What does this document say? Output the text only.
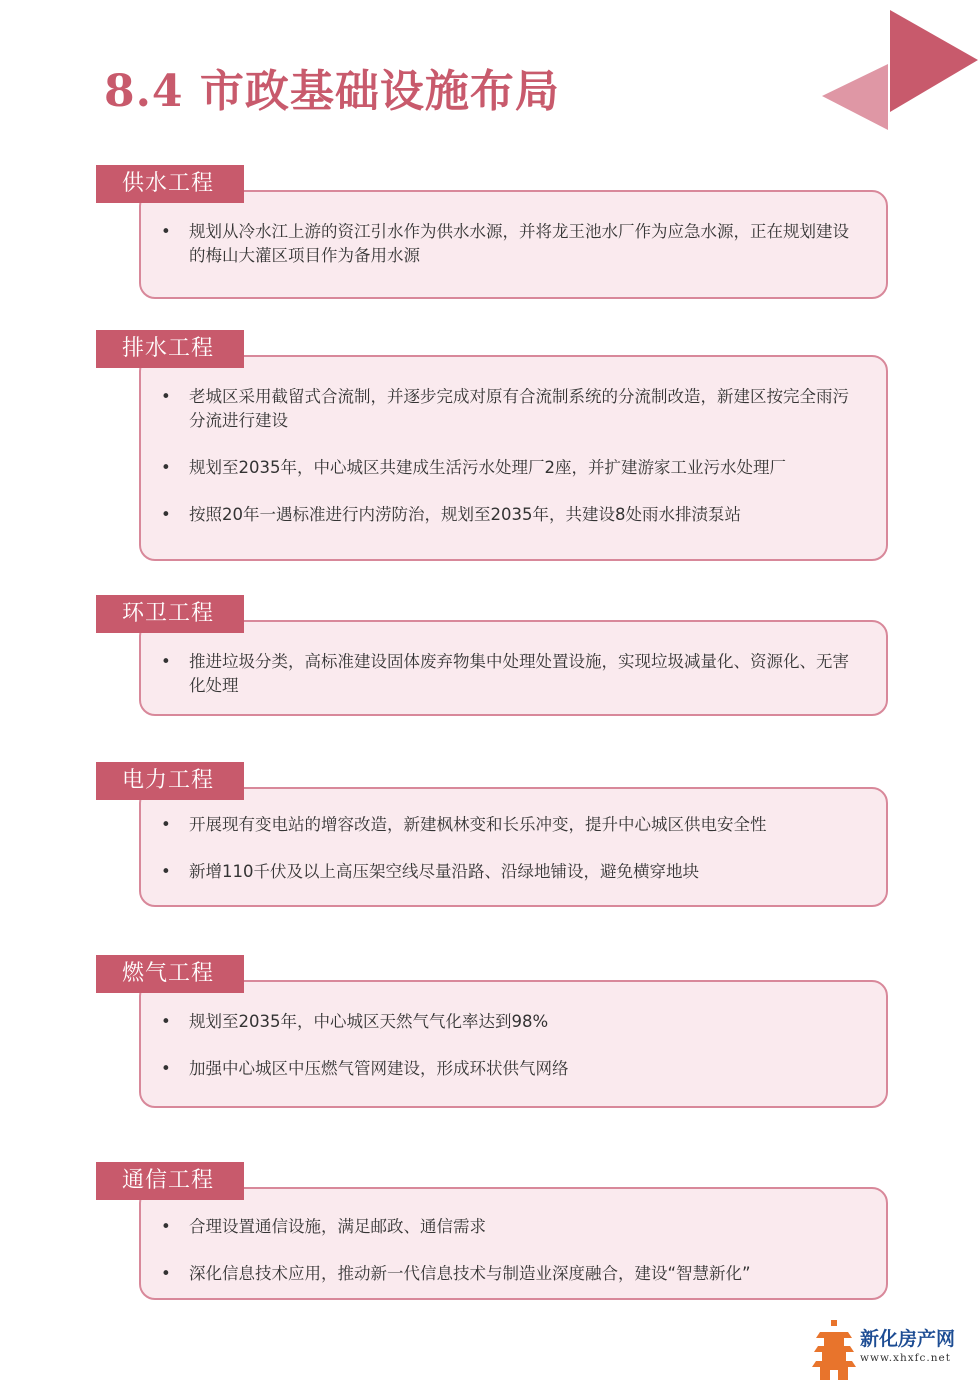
8.4 市政基础设施布局
供水工程
• 规划从冷水江上游的资江引水作为供水水源，并将龙王池水厂作为应急水源，正在规划建设的梅山大灌区项目作为备用水源
排水工程
• 老城区采用截留式合流制，并逐步完成对原有合流制系统的分流制改造，新建区按完全雨污分流进行建设
• 规划至2035年，中心城区共建成生活污水处理厂2座，并扩建游家工业污水处理厂
• 按照20年一遇标准进行内涝防治，规划至2035年，共建设8处雨水排渍泵站
环卫工程
• 推进垃圾分类，高标准建设固体废弃物集中处理处置设施，实现垃圾减量化、资源化、无害化处理
电力工程
• 开展现有变电站的增容改造，新建枫林变和长乐冲变，提升中心城区供电安全性
• 新增110千伏及以上高压架空线尽量沿路、沿绿地铺设，避免横穿地块
燃气工程
• 规划至2035年，中心城区天然气气化率达到98%
• 加强中心城区中压燃气管网建设，形成环状供气网络
通信工程
• 合理设置通信设施，满足邮政、通信需求
• 深化信息技术应用，推动新一代信息技术与制造业深度融合，建设“智慧新化”
新化房产网
www.xhxfc.net
